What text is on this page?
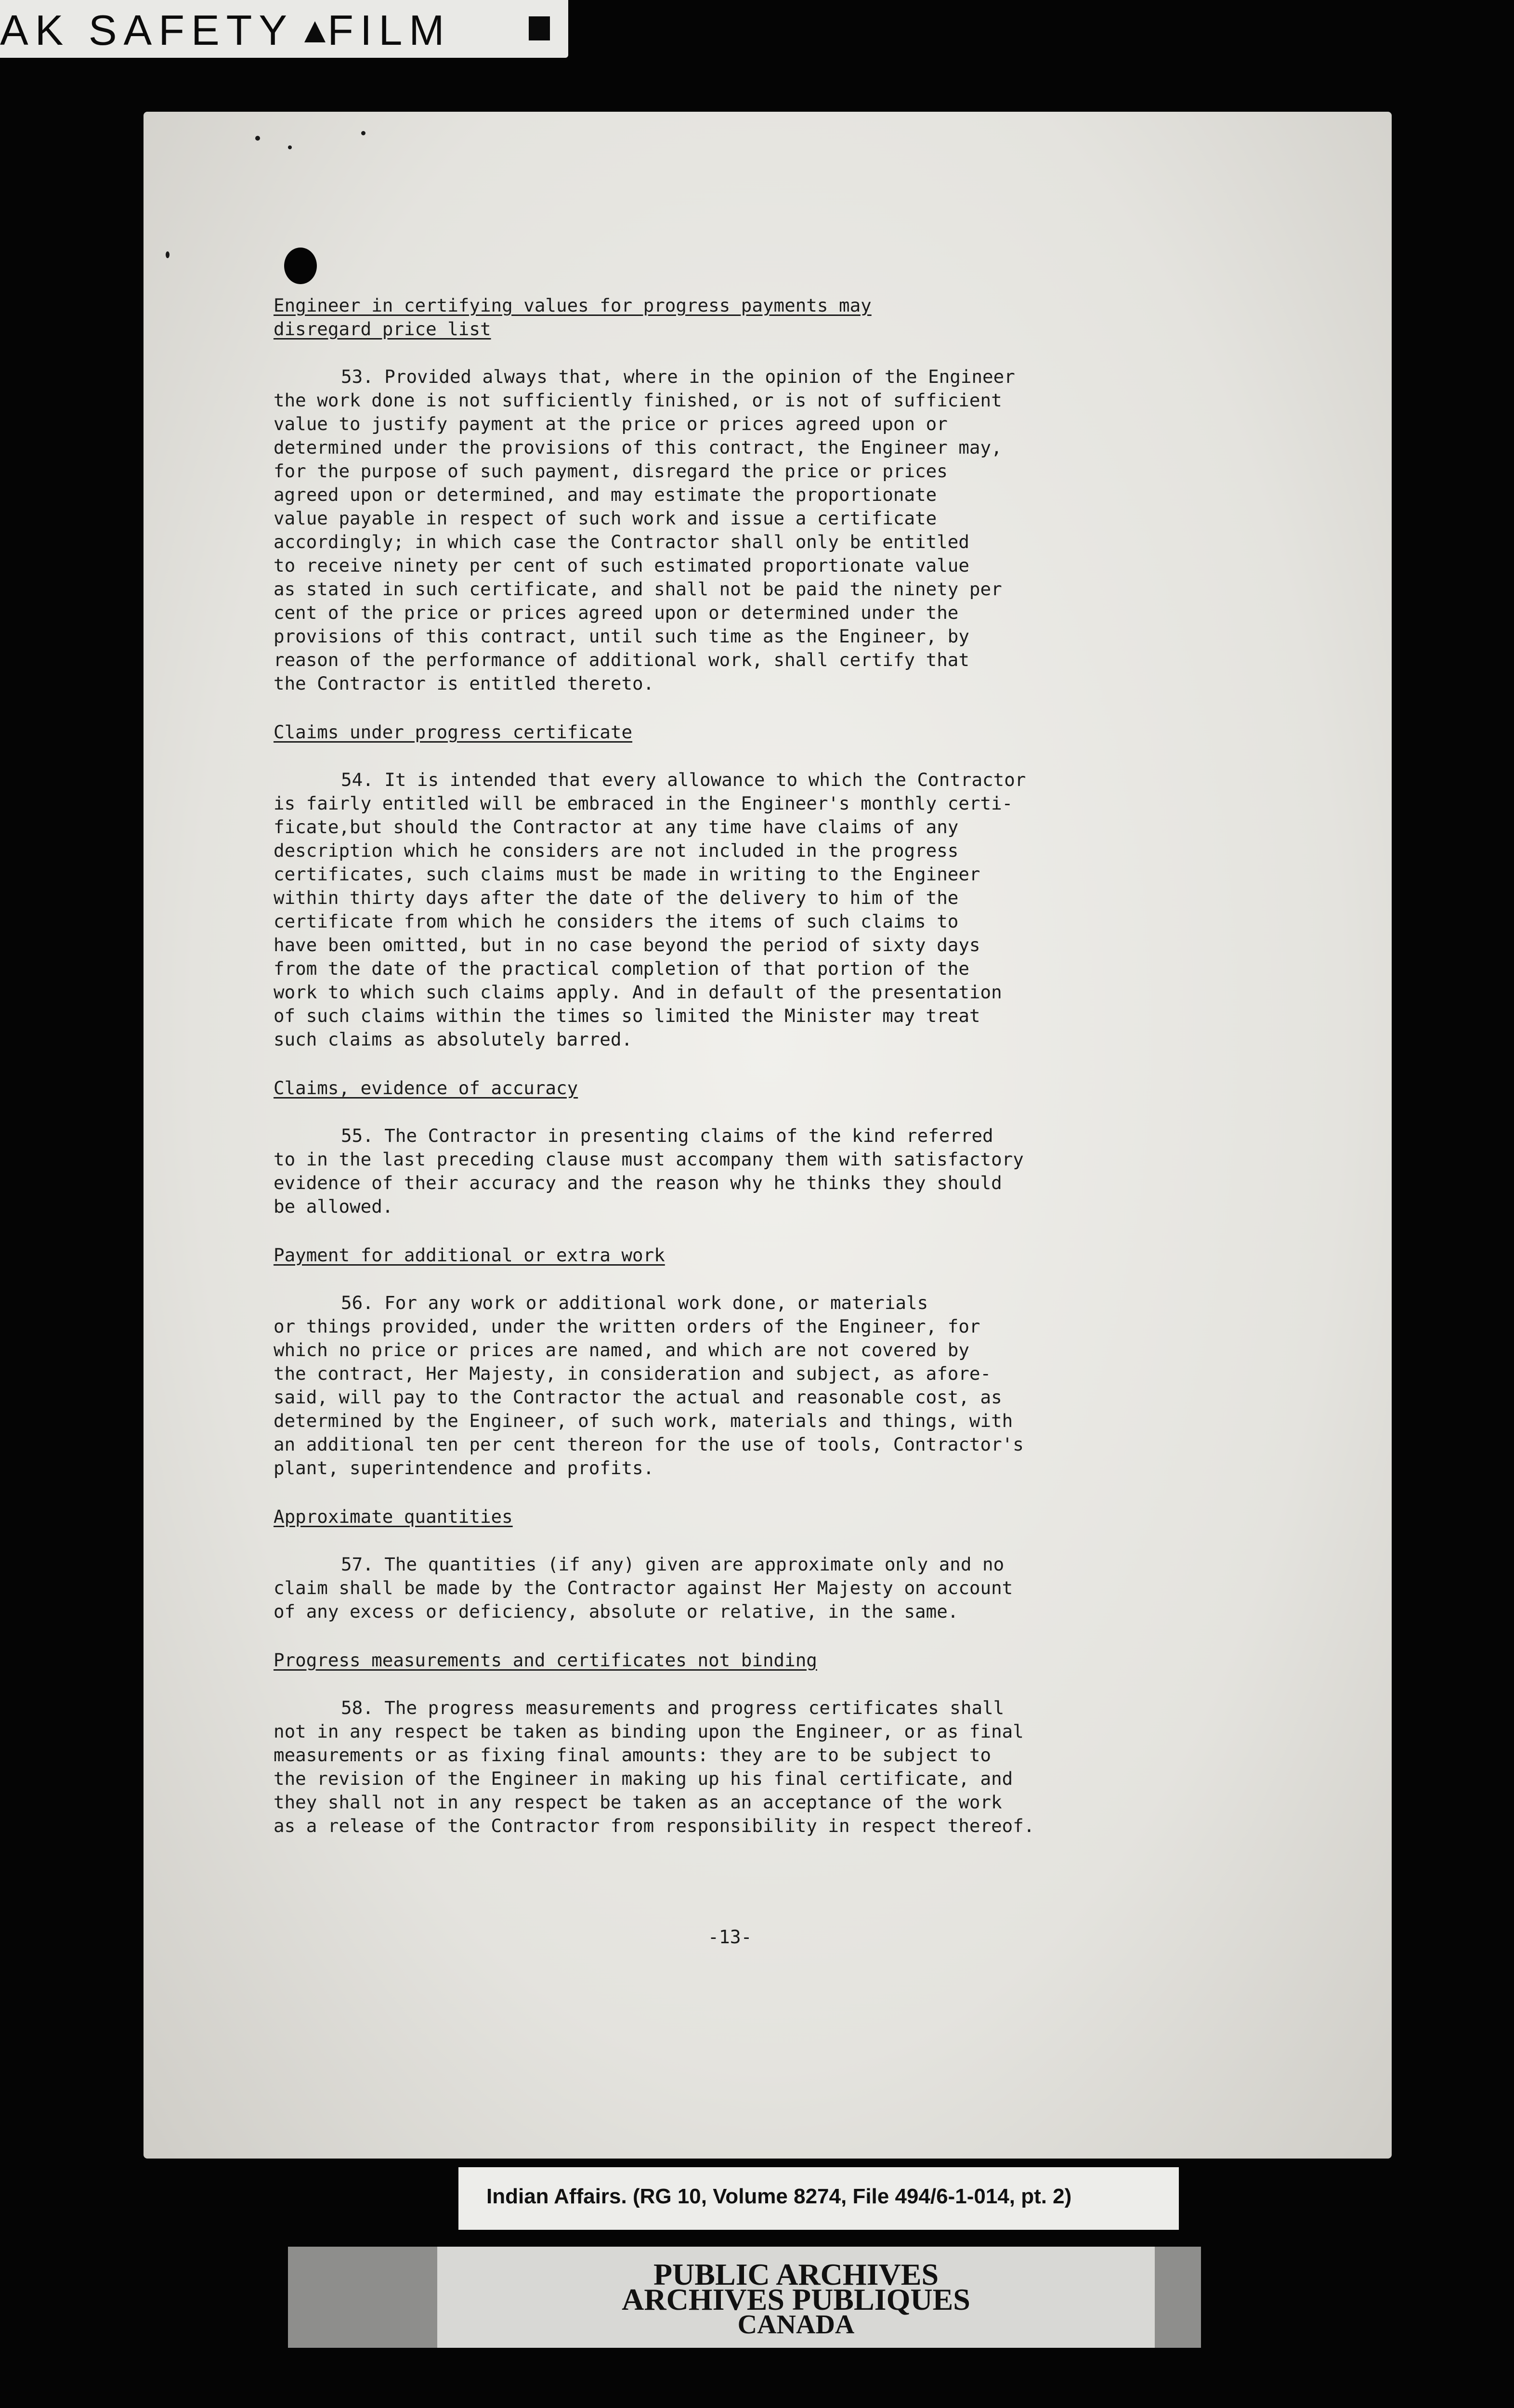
AK SAFETY FILM

Engineer in certifying values for progress payments may
disregard price list

53. Provided always that, where in the opinion of the Engineer
the work done is not sufficiently finished, or is not of sufficient
value to justify payment at the price or prices agreed upon or
determined under the provisions of this contract, the Engineer may,
for the purpose of such payment, disregard the price or prices
agreed upon or determined, and may estimate the proportionate
value payable in respect of such work and issue a certificate
accordingly; in which case the Contractor shall only be entitled
to receive ninety per cent of such estimated proportionate value
as stated in such certificate, and shall not be paid the ninety per
cent of the price or prices agreed upon or determined under the
provisions of this contract, until such time as the Engineer, by
reason of the performance of additional work, shall certify that
the Contractor is entitled thereto.

Claims under progress certificate

54. It is intended that every allowance to which the Contractor
is fairly entitled will be embraced in the Engineer's monthly certi-
ficate,but should the Contractor at any time have claims of any
description which he considers are not included in the progress
certificates, such claims must be made in writing to the Engineer
within thirty days after the date of the delivery to him of the
certificate from which he considers the items of such claims to
have been omitted, but in no case beyond the period of sixty days
from the date of the practical completion of that portion of the
work to which such claims apply. And in default of the presentation
of such claims within the times so limited the Minister may treat
such claims as absolutely barred.

Claims, evidence of accuracy

55. The Contractor in presenting claims of the kind referred
to in the last preceding clause must accompany them with satisfactory
evidence of their accuracy and the reason why he thinks they should
be allowed.

Payment for additional or extra work

56. For any work or additional work done, or materials
or things provided, under the written orders of the Engineer, for
which no price or prices are named, and which are not covered by
the contract, Her Majesty, in consideration and subject, as afore-
said, will pay to the Contractor the actual and reasonable cost, as
determined by the Engineer, of such work, materials and things, with
an additional ten per cent thereon for the use of tools, Contractor's
plant, superintendence and profits.

Approximate quantities

57. The quantities (if any) given are approximate only and no
claim shall be made by the Contractor against Her Majesty on account
of any excess or deficiency, absolute or relative, in the same.

Progress measurements and certificates not binding

58. The progress measurements and progress certificates shall
not in any respect be taken as binding upon the Engineer, or as final
measurements or as fixing final amounts: they are to be subject to
the revision of the Engineer in making up his final certificate, and
they shall not in any respect be taken as an acceptance of the work
as a release of the Contractor from responsibility in respect thereof.

-13-
Indian Affairs. (RG 10, Volume 8274, File 494/6-1-014, pt. 2)
PUBLIC ARCHIVES
ARCHIVES PUBLIQUES
CANADA
